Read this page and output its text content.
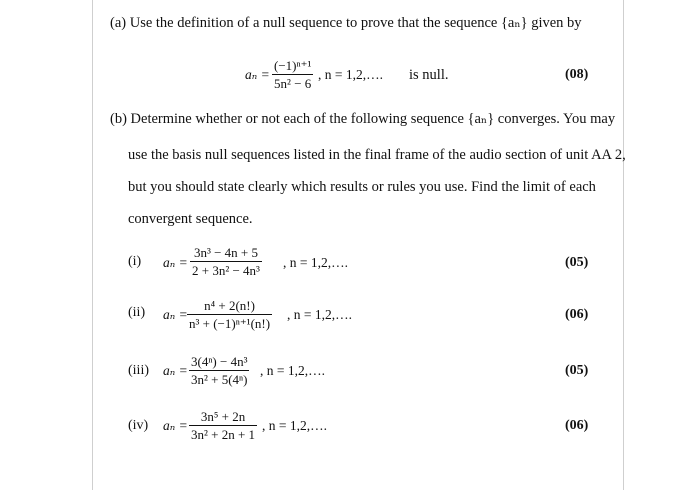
(a) Use the definition of a null sequence to prove that the sequence {aₙ} given by
$a_n = \frac{\text{(−1)ⁿ⁺¹}}{\text{5n² − 6}}$ , n = 1,2,…. is null.	(08)
(b) Determine whether or not each of the following sequence {aₙ} converges. You may
use the basis null sequences listed in the final frame of the audio section of unit AA 2,
but you should state clearly which results or rules you use. Find the limit of each
convergent sequence.
(i) $a_n = \frac{\text{3n³ − 4n + 5}}{\text{2 + 3n² − 4n³}}$ , n = 1,2,….	(05)
(ii) $a_n = \frac{\text{n⁴ + 2(n!)}}{\text{n³ + (−1)ⁿ⁺¹(n!)}}$ , n = 1,2,….	(06)
(iii) $a_n = \frac{\text{3(4ⁿ) − 4n³}}{\text{3n² + 5(4ⁿ)}}$ , n = 1,2,….	(05)
(iv) $a_n = \frac{\text{3n⁵ + 2n}}{\text{3n² + 2n + 1}}$ , n = 1,2,….	(06)
